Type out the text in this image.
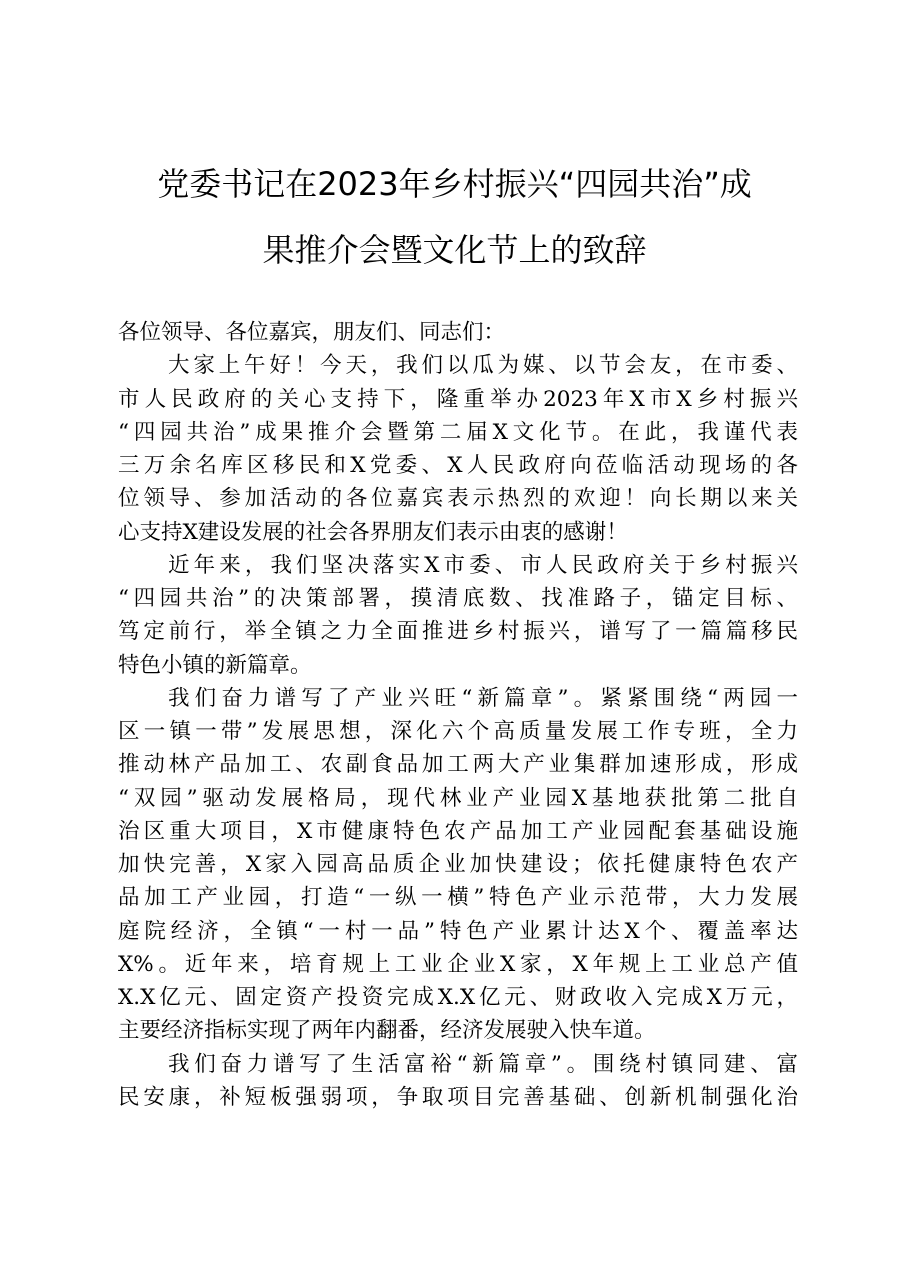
党委书记在2023年乡村振兴“四园共治”成
果推介会暨文化节上的致辞
各位领导、各位嘉宾，朋友们、同志们：
大家上午好！今天，我们以瓜为媒、以节会友，在市委、
市人民政府的关心支持下，隆重举办2023年X市X乡村振兴
“四园共治”成果推介会暨第二届X文化节。在此，我谨代表
三万余名库区移民和X党委、X人民政府向莅临活动现场的各
位领导、参加活动的各位嘉宾表示热烈的欢迎！向长期以来关
心支持X建设发展的社会各界朋友们表示由衷的感谢！
近年来，我们坚决落实X市委、市人民政府关于乡村振兴
“四园共治”的决策部署，摸清底数、找准路子，锚定目标、
笃定前行，举全镇之力全面推进乡村振兴，谱写了一篇篇移民
特色小镇的新篇章。
我们奋力谱写了产业兴旺“新篇章”。紧紧围绕“两园一
区一镇一带”发展思想，深化六个高质量发展工作专班，全力
推动林产品加工、农副食品加工两大产业集群加速形成，形成
“双园”驱动发展格局，现代林业产业园X基地获批第二批自
治区重大项目，X市健康特色农产品加工产业园配套基础设施
加快完善，X家入园高品质企业加快建设；依托健康特色农产
品加工产业园，打造“一纵一横”特色产业示范带，大力发展
庭院经济，全镇“一村一品”特色产业累计达X个、覆盖率达
X%。近年来，培育规上工业企业X家，X年规上工业总产值
X.X亿元、固定资产投资完成X.X亿元、财政收入完成X万元，
主要经济指标实现了两年内翻番，经济发展驶入快车道。
我们奋力谱写了生活富裕“新篇章”。围绕村镇同建、富
民安康，补短板强弱项，争取项目完善基础、创新机制强化治
